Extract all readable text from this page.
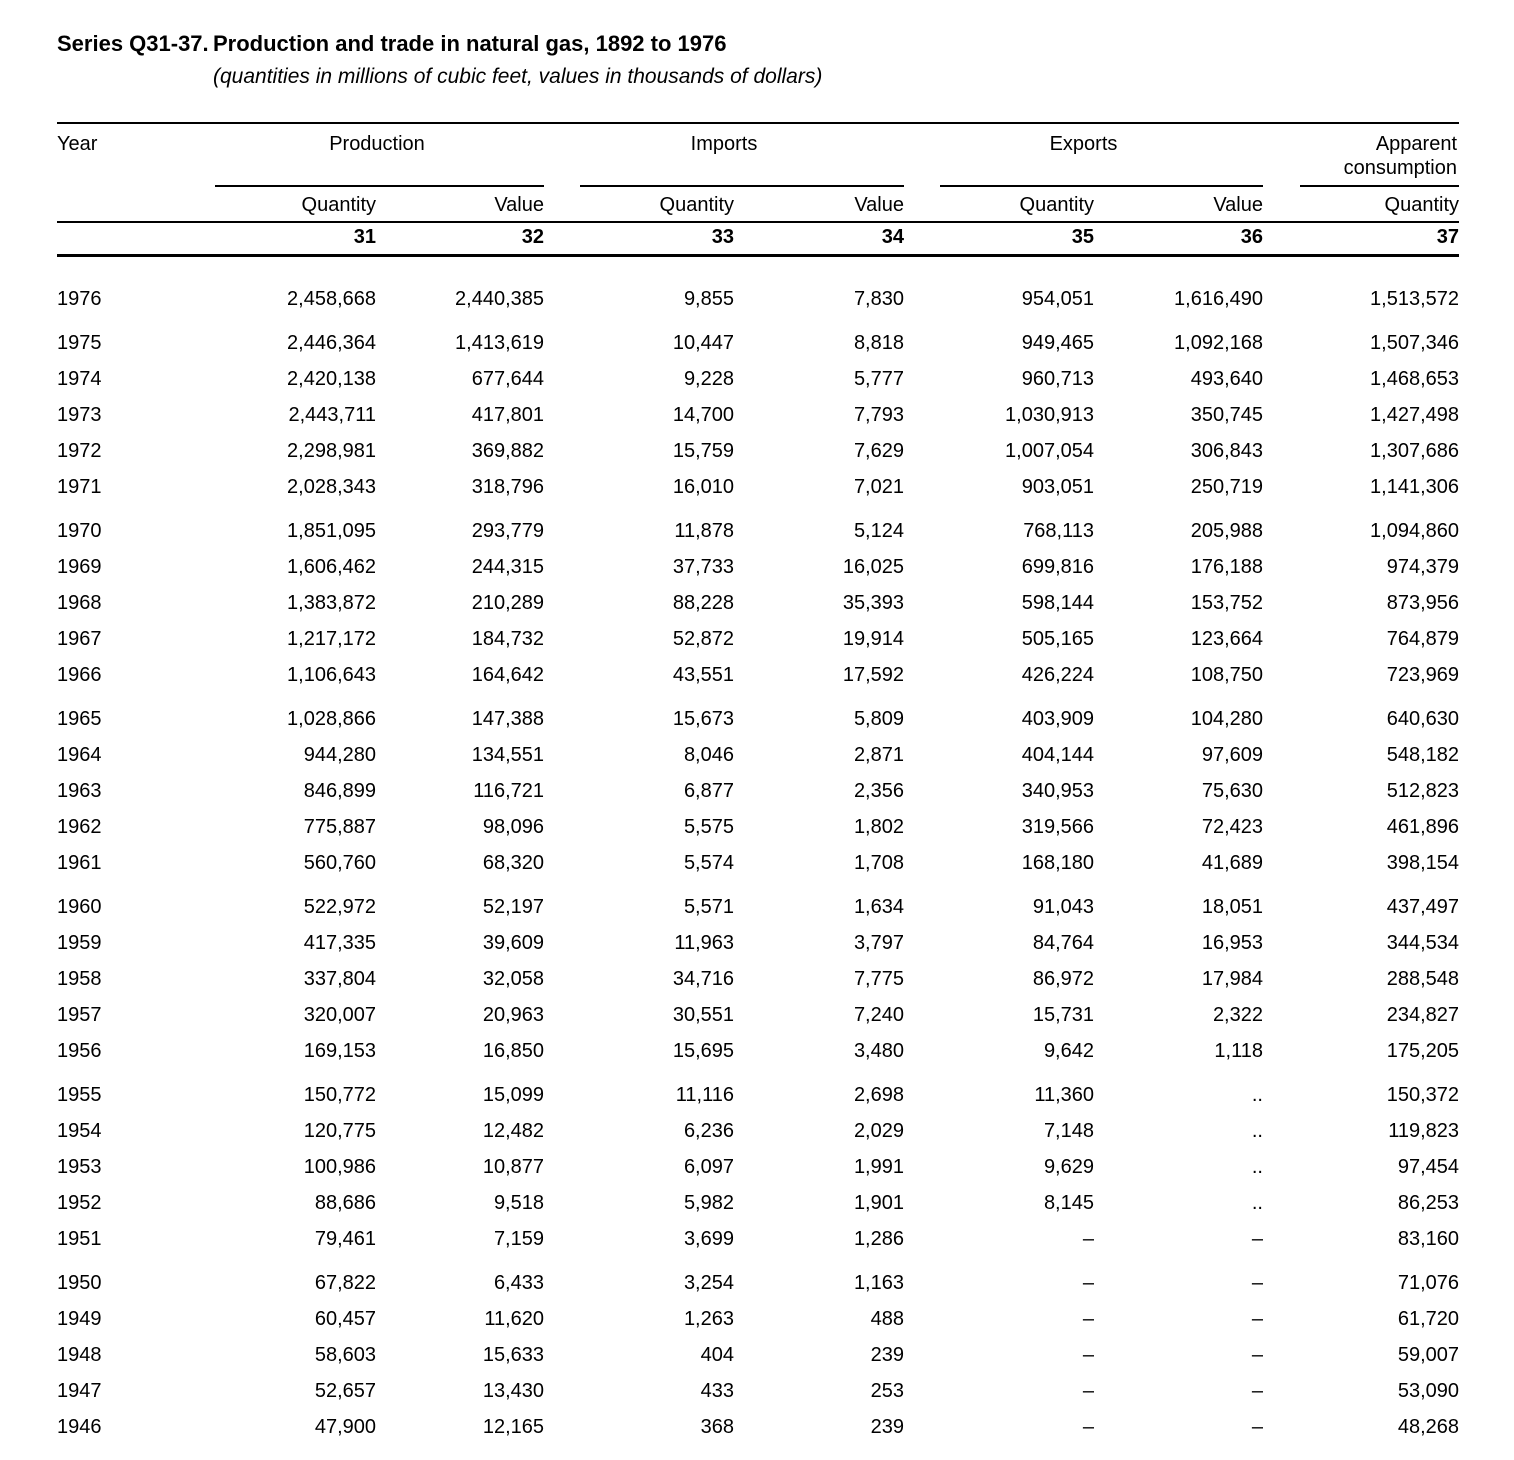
Series Q31-37. Production and trade in natural gas, 1892 to 1976
(quantities in millions of cubic feet, values in thousands of dollars)
Year	Production		Imports		Exports		Apparent
							consumption

	Quantity	Value	Quantity	Value	Quantity	Value	Quantity
	31	32	33	34	35	36	37

1976	2,458,668	2,440,385	9,855	7,830	954,051	1,616,490	1,513,572

1975	2,446,364	1,413,619	10,447	8,818	949,465	1,092,168	1,507,346
1974	2,420,138	677,644	9,228	5,777	960,713	493,640	1,468,653
1973	2,443,711	417,801	14,700	7,793	1,030,913	350,745	1,427,498
1972	2,298,981	369,882	15,759	7,629	1,007,054	306,843	1,307,686
1971	2,028,343	318,796	16,010	7,021	903,051	250,719	1,141,306

1970	1,851,095	293,779	11,878	5,124	768,113	205,988	1,094,860
1969	1,606,462	244,315	37,733	16,025	699,816	176,188	974,379
1968	1,383,872	210,289	88,228	35,393	598,144	153,752	873,956
1967	1,217,172	184,732	52,872	19,914	505,165	123,664	764,879
1966	1,106,643	164,642	43,551	17,592	426,224	108,750	723,969

1965	1,028,866	147,388	15,673	5,809	403,909	104,280	640,630
1964	944,280	134,551	8,046	2,871	404,144	97,609	548,182
1963	846,899	116,721	6,877	2,356	340,953	75,630	512,823
1962	775,887	98,096	5,575	1,802	319,566	72,423	461,896
1961	560,760	68,320	5,574	1,708	168,180	41,689	398,154

1960	522,972	52,197	5,571	1,634	91,043	18,051	437,497
1959	417,335	39,609	11,963	3,797	84,764	16,953	344,534
1958	337,804	32,058	34,716	7,775	86,972	17,984	288,548
1957	320,007	20,963	30,551	7,240	15,731	2,322	234,827
1956	169,153	16,850	15,695	3,480	9,642	1,118	175,205

1955	150,772	15,099	11,116	2,698	11,360	..	150,372
1954	120,775	12,482	6,236	2,029	7,148	..	119,823
1953	100,986	10,877	6,097	1,991	9,629	..	97,454
1952	88,686	9,518	5,982	1,901	8,145	..	86,253
1951	79,461	7,159	3,699	1,286	–	–	83,160

1950	67,822	6,433	3,254	1,163	–	–	71,076
1949	60,457	11,620	1,263	488	–	–	61,720
1948	58,603	15,633	404	239	–	–	59,007
1947	52,657	13,430	433	253	–	–	53,090
1946	47,900	12,165	368	239	–	–	48,268
